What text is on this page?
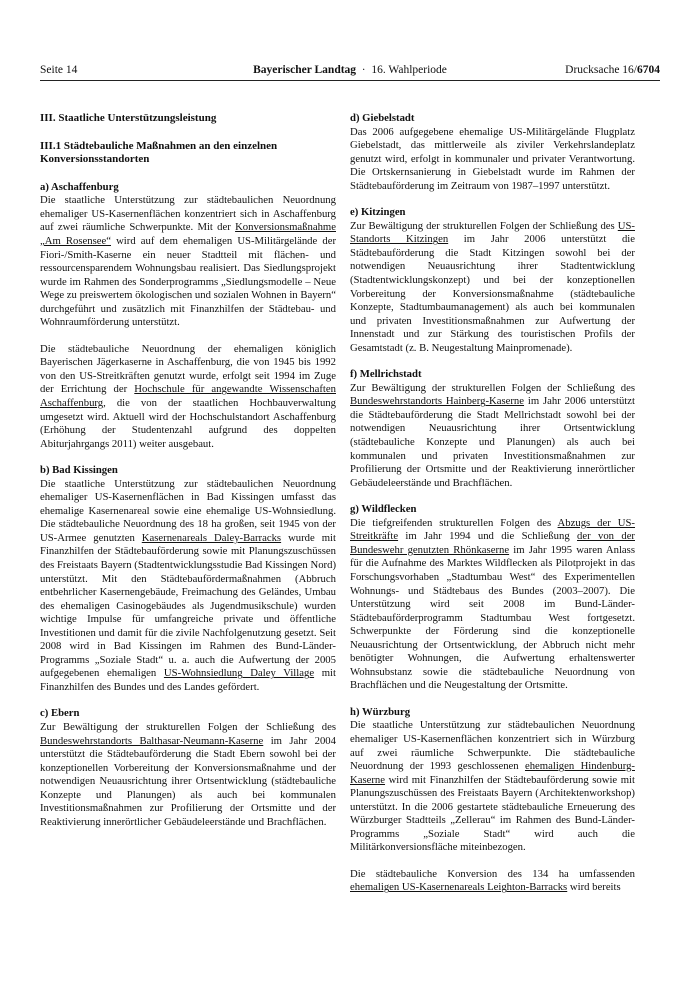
Seite 14	Bayerischer Landtag · 16. Wahlperiode	Drucksache 16/6704
III. Staatliche Unterstützungsleistung
III.1 Städtebauliche Maßnahmen an den einzelnen Konversionsstandorten
a) Aschaffenburg

Die staatliche Unterstützung zur städtebaulichen Neuordnung ehemaliger US-Kasernenflächen konzentriert sich in Aschaffenburg auf zwei räumliche Schwerpunkte. Mit der Konversionsmaßnahme „Am Rosensee“ wird auf dem ehemaligen US-Militärgelände der Fiori-/Smith-Kaserne ein neuer Stadtteil mit flächen- und ressourcensparendem Wohnungsbau realisiert. Das Siedlungsprojekt wurde im Rahmen des Sonderprogramms „Siedlungsmodelle – Neue Wege zu preiswertem ökologischen und sozialen Wohnen in Bayern“ durchgeführt und zusätzlich mit Finanzhilfen der Städtebau- und Wohnraumförderung unterstützt.

Die städtebauliche Neuordnung der ehemaligen königlich Bayerischen Jägerkaserne in Aschaffenburg, die von 1945 bis 1992 von den US-Streitkräften genutzt wurde, erfolgt seit 1994 im Zuge der Errichtung der Hochschule für angewandte Wissenschaften Aschaffenburg, die von der staatlichen Hochbauverwaltung umgesetzt wird. Aktuell wird der Hochschulstandort Aschaffenburg (Erhöhung der Studentenzahl aufgrund des doppelten Abiturjahrgangs 2011) weiter ausgebaut.

b) Bad Kissingen

Die staatliche Unterstützung zur städtebaulichen Neuordnung ehemaliger US-Kasernenflächen in Bad Kissingen umfasst das ehemalige Kasernenareal sowie eine ehemalige US-Wohnsiedlung. Die städtebauliche Neuordnung des 18 ha großen, seit 1945 von der US-Armee genutzten Kasernenareals Daley-Barracks wurde mit Finanzhilfen der Städtebauförderung sowie mit Planungszuschüssen des Freistaats Bayern (Stadtentwicklungsstudie Bad Kissingen Nord) unterstützt. Mit den Städtebaufördermaßnahmen (Abbruch entbehrlicher Kasernengebäude, Freimachung des Geländes, Umbau des ehemaligen Casinogebäudes als Jugendmusikschule) wurden wichtige Impulse für umfangreiche private und öffentliche Investitionen und damit für die zivile Nachfolgenutzung gesetzt. Seit 2008 wird in Bad Kissingen im Rahmen des Bund-Länder-Programms „Soziale Stadt“ u. a. auch die Aufwertung der 2005 aufgegebenen ehemaligen US-Wohnsiedlung Daley Village mit Finanzhilfen des Bundes und des Landes gefördert.

c) Ebern

Zur Bewältigung der strukturellen Folgen der Schließung des Bundeswehrstandorts Balthasar-Neumann-Kaserne im Jahr 2004 unterstützt die Städtebauförderung die Stadt Ebern sowohl bei der konzeptionellen Vorbereitung der Konversionsmaßnahme und der notwendigen Neuausrichtung ihrer Ortsentwicklung (städtebauliche Konzepte und Planungen) als auch bei kommunalen Investitionsmaßnahmen zur Profilierung der Ortsmitte und der Reaktivierung innerörtlicher Gebäudeleerstände und Brachflächen.

d) Giebelstadt

Das 2006 aufgegebene ehemalige US-Militärgelände Flugplatz Giebelstadt, das mittlerweile als ziviler Verkehrslandeplatz genutzt wird, erfolgt in kommunaler und privater Verantwortung. Die Ortskernsanierung in Giebelstadt wurde im Rahmen der Städtebauförderung im Zeitraum von 1987–1997 unterstützt.

e) Kitzingen

Zur Bewältigung der strukturellen Folgen der Schließung des US-Standorts Kitzingen im Jahr 2006 unterstützt die Städtebauförderung die Stadt Kitzingen sowohl bei der notwendigen Neuausrichtung ihrer Stadtentwicklung (Stadtentwicklungskonzept) und bei der konzeptionellen Vorbereitung der Konversionsmaßnahme (städtebauliche Konzepte, Stadtumbaumanagement) als auch bei kommunalen und privaten Investitionsmaßnahmen zur Aufwertung der Innenstadt und zur Stärkung des touristischen Profils der Gesamtstadt (z. B. Neugestaltung Mainpromenade).

f) Mellrichstadt

Zur Bewältigung der strukturellen Folgen der Schließung des Bundeswehrstandorts Hainberg-Kaserne im Jahr 2006 unterstützt die Städtebauförderung die Stadt Mellrichstadt sowohl bei der notwendigen Neuausrichtung ihrer Ortsentwicklung (städtebauliche Konzepte und Planungen) als auch bei kommunalen und privaten Investitionsmaßnahmen zur Profilierung der Ortsmitte und der Reaktivierung innerörtlicher Gebäudeleerstände und Brachflächen.

g) Wildflecken

Die tiefgreifenden strukturellen Folgen des Abzugs der US-Streitkräfte im Jahr 1994 und die Schließung der von der Bundeswehr genutzten Rhönkaserne im Jahr 1995 waren Anlass für die Aufnahme des Marktes Wildflecken als Pilotprojekt in das Forschungsvorhaben „Stadtumbau West“ des Experimentellen Wohnungs- und Städtebaus des Bundes (2003–2007). Die Unterstützung wird seit 2008 im Bund-Länder-Städtebauförderprogramm Stadtumbau West fortgesetzt. Schwerpunkte der Förderung sind die konzeptionelle Neuausrichtung der Ortsentwicklung, der Abbruch nicht mehr benötigter Wohnungen, die Aufwertung erhaltenswerter Wohnsubstanz sowie die städtebauliche Neuordnung von Brachflächen und die Neugestaltung der Ortsmitte.

h) Würzburg

Die staatliche Unterstützung zur städtebaulichen Neuordnung ehemaliger US-Kasernenflächen konzentriert sich in Würzburg auf zwei räumliche Schwerpunkte. Die städtebauliche Neuordnung der 1993 geschlossenen ehemaligen Hindenburg-Kaserne wird mit Finanzhilfen der Städtebauförderung sowie mit Planungszuschüssen des Freistaats Bayern (Architektenworkshop) unterstützt. In die 2006 gestartete städtebauliche Erneuerung des Würzburger Stadtteils „Zellerau“ im Rahmen des Bund-Länder-Programms „Soziale Stadt“ wird auch die Militärkonversionsfläche miteinbezogen.

Die städtebauliche Konversion des 134 ha umfassenden ehemaligen US-Kasernenareals Leighton-Barracks wird bereits
